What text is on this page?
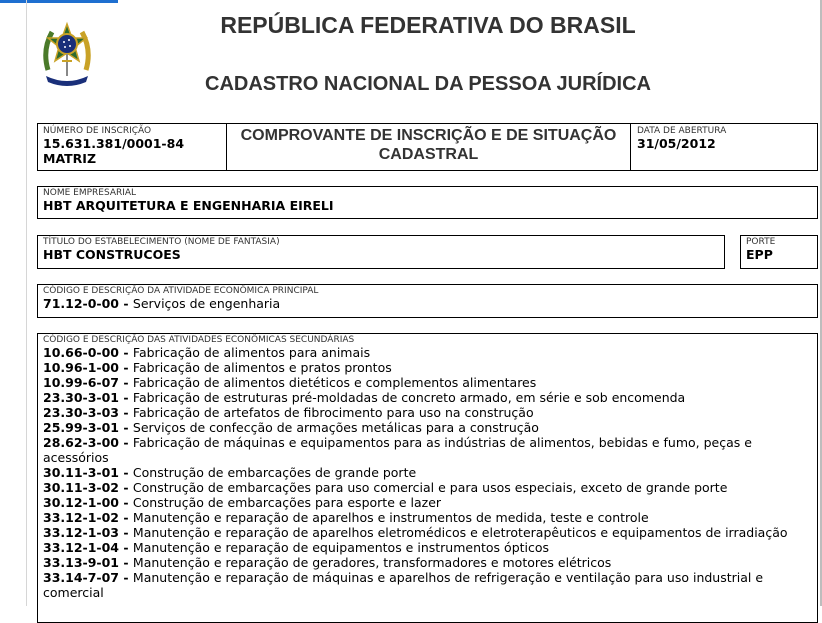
REPÚBLICA FEDERATIVA DO BRASIL
CADASTRO NACIONAL DA PESSOA JURÍDICA
NÚMERO DE INSCRIÇÃO
15.631.381/0001-84
MATRIZ
COMPROVANTE DE INSCRIÇÃO E DE SITUAÇÃO
CADASTRAL
DATA DE ABERTURA
31/05/2012
NOME EMPRESARIAL
HBT ARQUITETURA E ENGENHARIA EIRELI
TÍTULO DO ESTABELECIMENTO (NOME DE FANTASIA)
HBT CONSTRUCOES
PORTE
EPP
CÓDIGO E DESCRIÇÃO DA ATIVIDADE ECONÔMICA PRINCIPAL
71.12-0-00 - Serviços de engenharia
CÓDIGO E DESCRIÇÃO DAS ATIVIDADES ECONÔMICAS SECUNDÁRIAS
10.66-0-00 - Fabricação de alimentos para animais
10.96-1-00 - Fabricação de alimentos e pratos prontos
10.99-6-07 - Fabricação de alimentos dietéticos e complementos alimentares
23.30-3-01 - Fabricação de estruturas pré-moldadas de concreto armado, em série e sob encomenda
23.30-3-03 - Fabricação de artefatos de fibrocimento para uso na construção
25.99-3-01 - Serviços de confecção de armações metálicas para a construção
28.62-3-00 - Fabricação de máquinas e equipamentos para as indústrias de alimentos, bebidas e fumo, peças e acessórios
30.11-3-01 - Construção de embarcações de grande porte
30.11-3-02 - Construção de embarcações para uso comercial e para usos especiais, exceto de grande porte
30.12-1-00 - Construção de embarcações para esporte e lazer
33.12-1-02 - Manutenção e reparação de aparelhos e instrumentos de medida, teste e controle
33.12-1-03 - Manutenção e reparação de aparelhos eletromédicos e eletroterapêuticos e equipamentos de irradiação
33.12-1-04 - Manutenção e reparação de equipamentos e instrumentos ópticos
33.13-9-01 - Manutenção e reparação de geradores, transformadores e motores elétricos
33.14-7-07 - Manutenção e reparação de máquinas e aparelhos de refrigeração e ventilação para uso industrial e comercial
